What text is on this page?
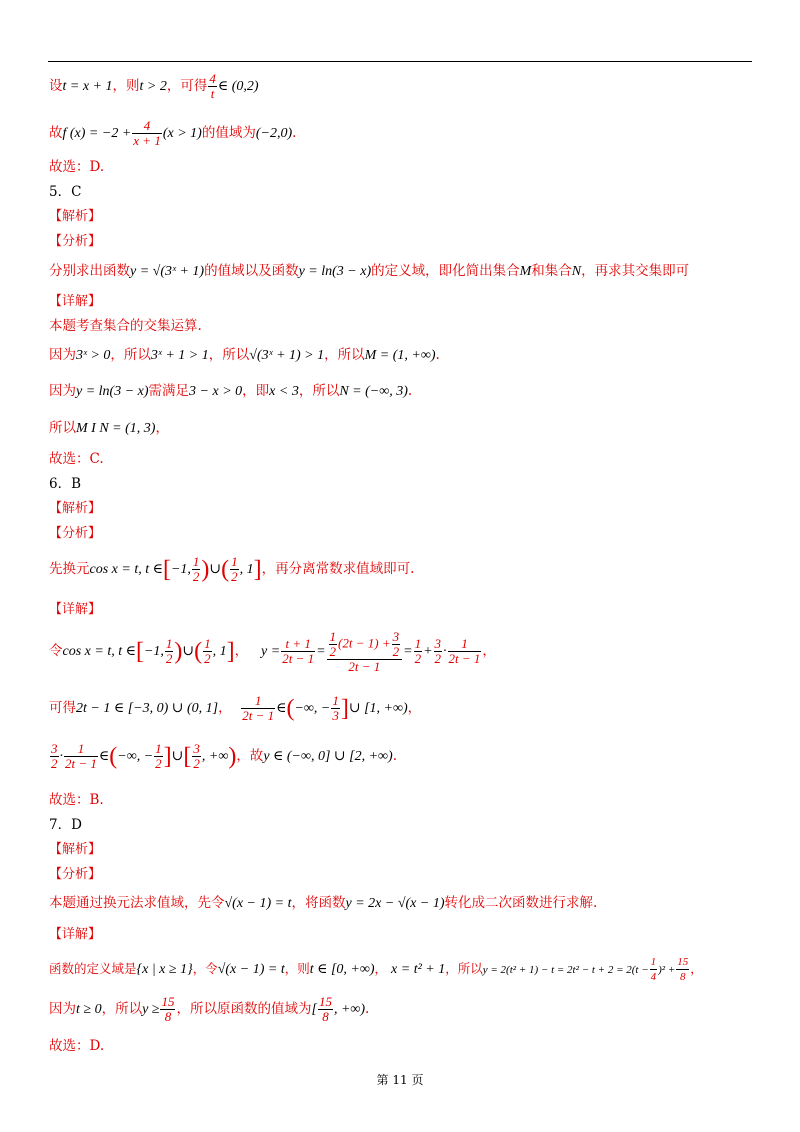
设t = x + 1，则t > 2，可得 $\frac{4}{t}$ ∈ (0,2)
故f $(x) = -2 + \frac{4}{x + 1} (x > 1)$的值域为(−2,0).
故选：D.
5．C
【解析】
【分析】
分别求出函数y = √(3ˣ + 1)的值域以及函数y = ln(3 − x)的定义域，即化简出集合M和集合N，再求其交集即可
【详解】
本题考查集合的交集运算.
因为3ˣ > 0，所以3ˣ + 1 > 1，所以√(3ˣ + 1) > 1，所以M = (1, +∞).
因为y = ln(3 − x)需满足3 − x > 0，即x < 3，所以N = (−∞, 3).
所以M I N = (1, 3)，
故选：C.
6．B
【解析】
【分析】
先换元cos x = t, t ∈[−1, $\frac{1}{2}$ )∪( $\frac{1}{2}$ , 1]，再分离常数求值域即可.
【详解】
令cos x = t, t ∈[−1, $\frac{1}{2}$ )∪( $\frac{1}{2}$ , 1]， $y = \frac{t + 1}{2t - 1} = \frac{\frac{1}{2} (2t - 1) + \frac{3}{2}}{2t - 1} = \frac{1}{2} + \frac{3}{2} \cdot \frac{1}{2t - 1}$ ，
可得2t − 1 ∈ [−3, 0) ∪ (0, 1]， $\frac{1}{2t - 1}$ ∈(−∞, − $\frac{1}{3}$ ]∪ [1, +∞)，
$\frac{3}{2} \cdot \frac{1}{2t - 1}$ ∈(−∞, − $\frac{1}{2}$ ]∪[ $\frac{3}{2}$ , +∞)，故y ∈ (−∞, 0] ∪ [2, +∞).
故选：B.
7．D
【解析】
【分析】
本题通过换元法求值域，先令√(x − 1) = t，将函数y = 2x − √(x − 1)转化成二次函数进行求解.
【详解】
函数的定义域是{x | x ≥ 1}，令√(x − 1) = t，则t ∈ [0, +∞)， x = t² + 1，所以$y = 2(t^2 + 1) - t = 2t^2 - t + 2 = 2(t - \frac{1}{4} )^2 + \frac{15}{8}$ ，
因为t ≥ 0，所以$y \ge \frac{15}{8}$ ，所以原函数的值域为[ $\frac{15}{8}$ , +∞).
故选：D.
第 11 页
